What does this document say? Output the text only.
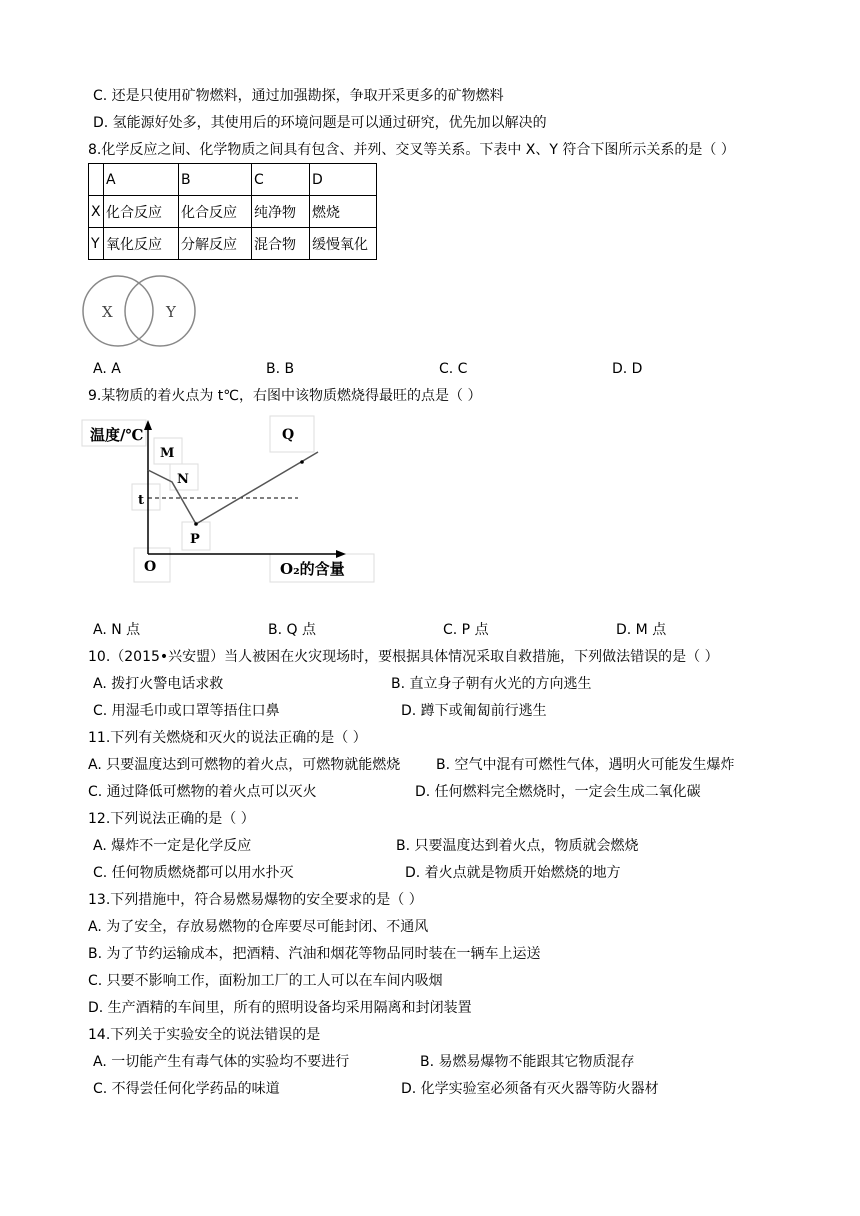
C. 还是只使用矿物燃料，通过加强勘探，争取开采更多的矿物燃料
D. 氢能源好处多，其使用后的环境问题是可以通过研究，优先加以解决的
8.化学反应之间、化学物质之间具有包含、并列、交叉等关系。下表中 X、Y 符合下图所示关系的是（ ）
	A	B	C	D
X	化合反应	化合反应	纯净物	燃烧
Y	氧化反应	分解反应	混合物	缓慢氧化
X	Y
A. A	B. B	C. C	D. D
9.某物质的着火点为 t℃，右图中该物质燃烧得最旺的点是（ ）
温度/℃
M
N
t
P
O
Q
O₂的含量
A. N 点	B. Q 点	C. P 点	D. M 点
10.（2015•兴安盟）当人被困在火灾现场时，要根据具体情况采取自救措施，下列做法错误的是（ ）
A. 拨打火警电话求救	B. 直立身子朝有火光的方向逃生
C. 用湿毛巾或口罩等捂住口鼻	D. 蹲下或匍匐前行逃生
11.下列有关燃烧和灭火的说法正确的是（ ）
A. 只要温度达到可燃物的着火点，可燃物就能燃烧	B. 空气中混有可燃性气体，遇明火可能发生爆炸
C. 通过降低可燃物的着火点可以灭火	D. 任何燃料完全燃烧时，一定会生成二氧化碳
12.下列说法正确的是（ ）
A. 爆炸不一定是化学反应	B. 只要温度达到着火点，物质就会燃烧
C. 任何物质燃烧都可以用水扑灭	D. 着火点就是物质开始燃烧的地方
13.下列措施中，符合易燃易爆物的安全要求的是（ ）
A. 为了安全，存放易燃物的仓库要尽可能封闭、不通风
B. 为了节约运输成本，把酒精、汽油和烟花等物品同时装在一辆车上运送
C. 只要不影响工作，面粉加工厂的工人可以在车间内吸烟
D. 生产酒精的车间里，所有的照明设备均采用隔离和封闭装置
14.下列关于实验安全的说法错误的是
A. 一切能产生有毒气体的实验均不要进行	B. 易燃易爆物不能跟其它物质混存
C. 不得尝任何化学药品的味道	D. 化学实验室必须备有灭火器等防火器材
